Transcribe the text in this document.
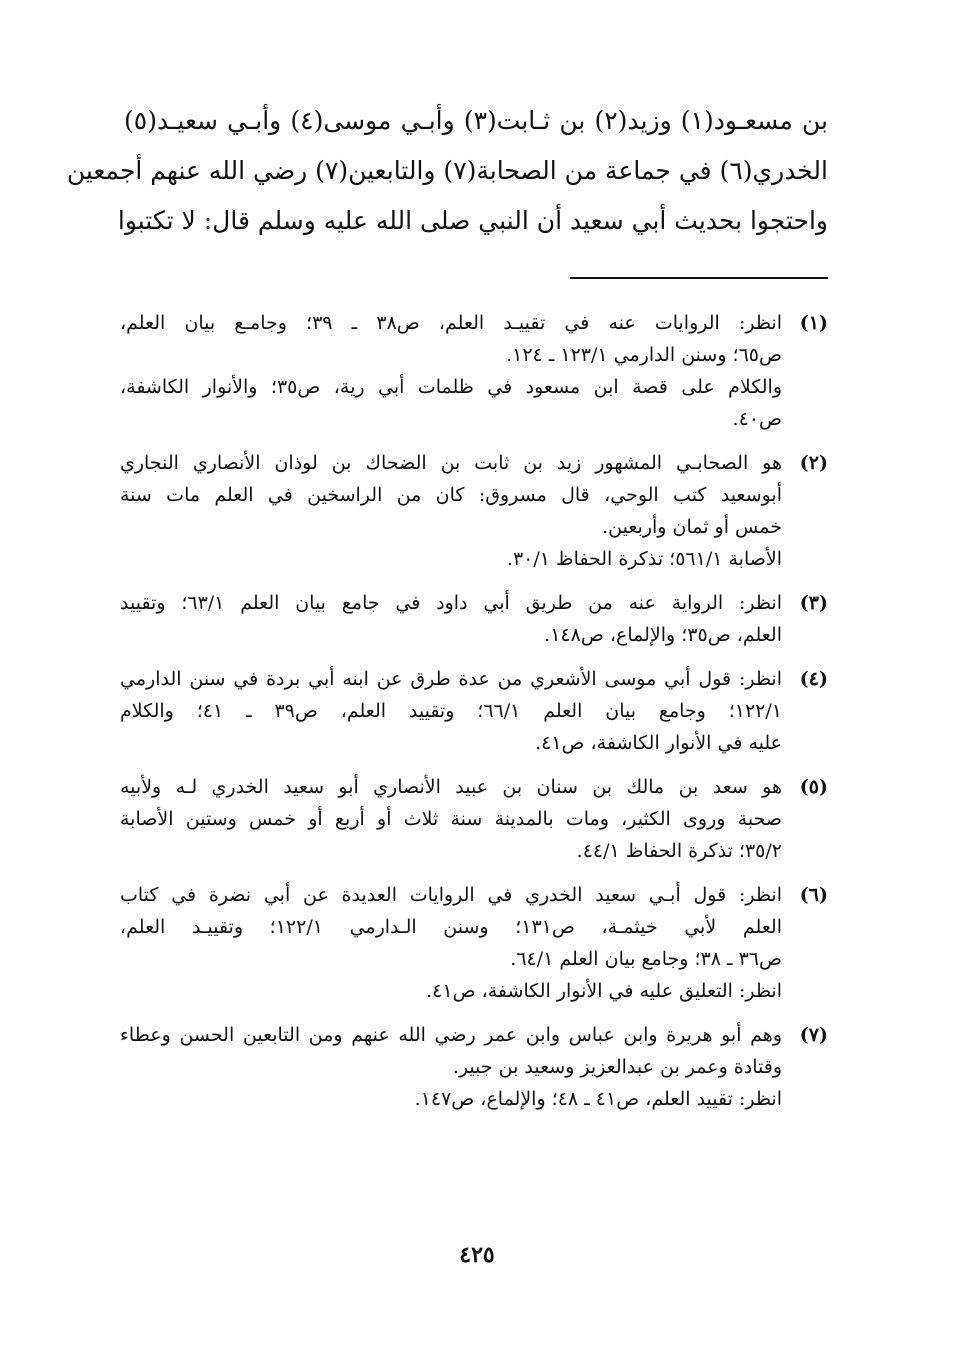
بن مسعـود(١) وزيد(٢) بن ثـابت(٣) وأبـي موسى(٤) وأبـي سعيـد(٥)
الخدري(٦) في جماعة من الصحابة(٧) والتابعين(٧) رضي الله عنهم أجمعين
واحتجوا بحديث أبي سعيد أن النبي صلى الله عليه وسلم قال: لا تكتبوا
(١)
انظر: الروايات عنه في تقييـد العلم، ص٣٨ ـ ٣٩؛ وجامـع بيان العلم،
ص٦٥؛ وسنن الدارمي ١٢٣/١ ـ ١٢٤.
والكلام على قصة ابن مسعود في ظلمات أبي رية، ص٣٥؛ والأنوار الكاشفة،
ص٤٠.
(٢)
هو الصحابـي المشهور زيد بن ثابت بن الضحاك بن لوذان الأنصاري النجاري
أبوسعيد كتب الوحي، قال مسروق: كان من الراسخين في العلم مات سنة
خمس أو ثمان وأربعين.
الأصابة ٥٦١/١؛ تذكرة الحفاظ ٣٠/١.
(٣)
انظر: الرواية عنه من طريق أبي داود في جامع بيان العلم ٦٣/١؛ وتقييد
العلم، ص٣٥؛ والإلماع، ص١٤٨.
(٤)
انظر: قول أبي موسى الأشعري من عدة طرق عن ابنه أبي بردة في سنن الدارمي
١٢٢/١؛ وجامع بيان العلم ٦٦/١؛ وتقييد العلم، ص٣٩ ـ ٤١؛ والكلام
عليه في الأنوار الكاشفة، ص٤١.
(٥)
هو سعد بن مالك بن سنان بن عبيد الأنصاري أبو سعيد الخدري لـه ولأبيه
صحبة وروى الكثير، ومات بالمدينة سنة ثلاث أو أربع أو خمس وستين الأصابة
٣٥/٢؛ تذكرة الحفاظ ٤٤/١.
(٦)
انظر: قول أبـي سعيد الخدري في الروايات العديدة عن أبي نضرة في كتاب
العلم لأبي خيثمـة، ص١٣١؛ وسنن الـدارمي ١٢٢/١؛ وتقييـد العلم،
ص٣٦ ـ ٣٨؛ وجامع بيان العلم ٦٤/١.
انظر: التعليق عليه في الأنوار الكاشفة، ص٤١.
(٧)
وهم أبو هريرة وابن عباس وابن عمر رضي الله عنهم ومن التابعين الحسن وعطاء
وقتادة وعمر بن عبدالعزيز وسعيد بن جبير.
انظر: تقييد العلم، ص٤١ ـ ٤٨؛ والإلماع، ص١٤٧.
٤٢٥
